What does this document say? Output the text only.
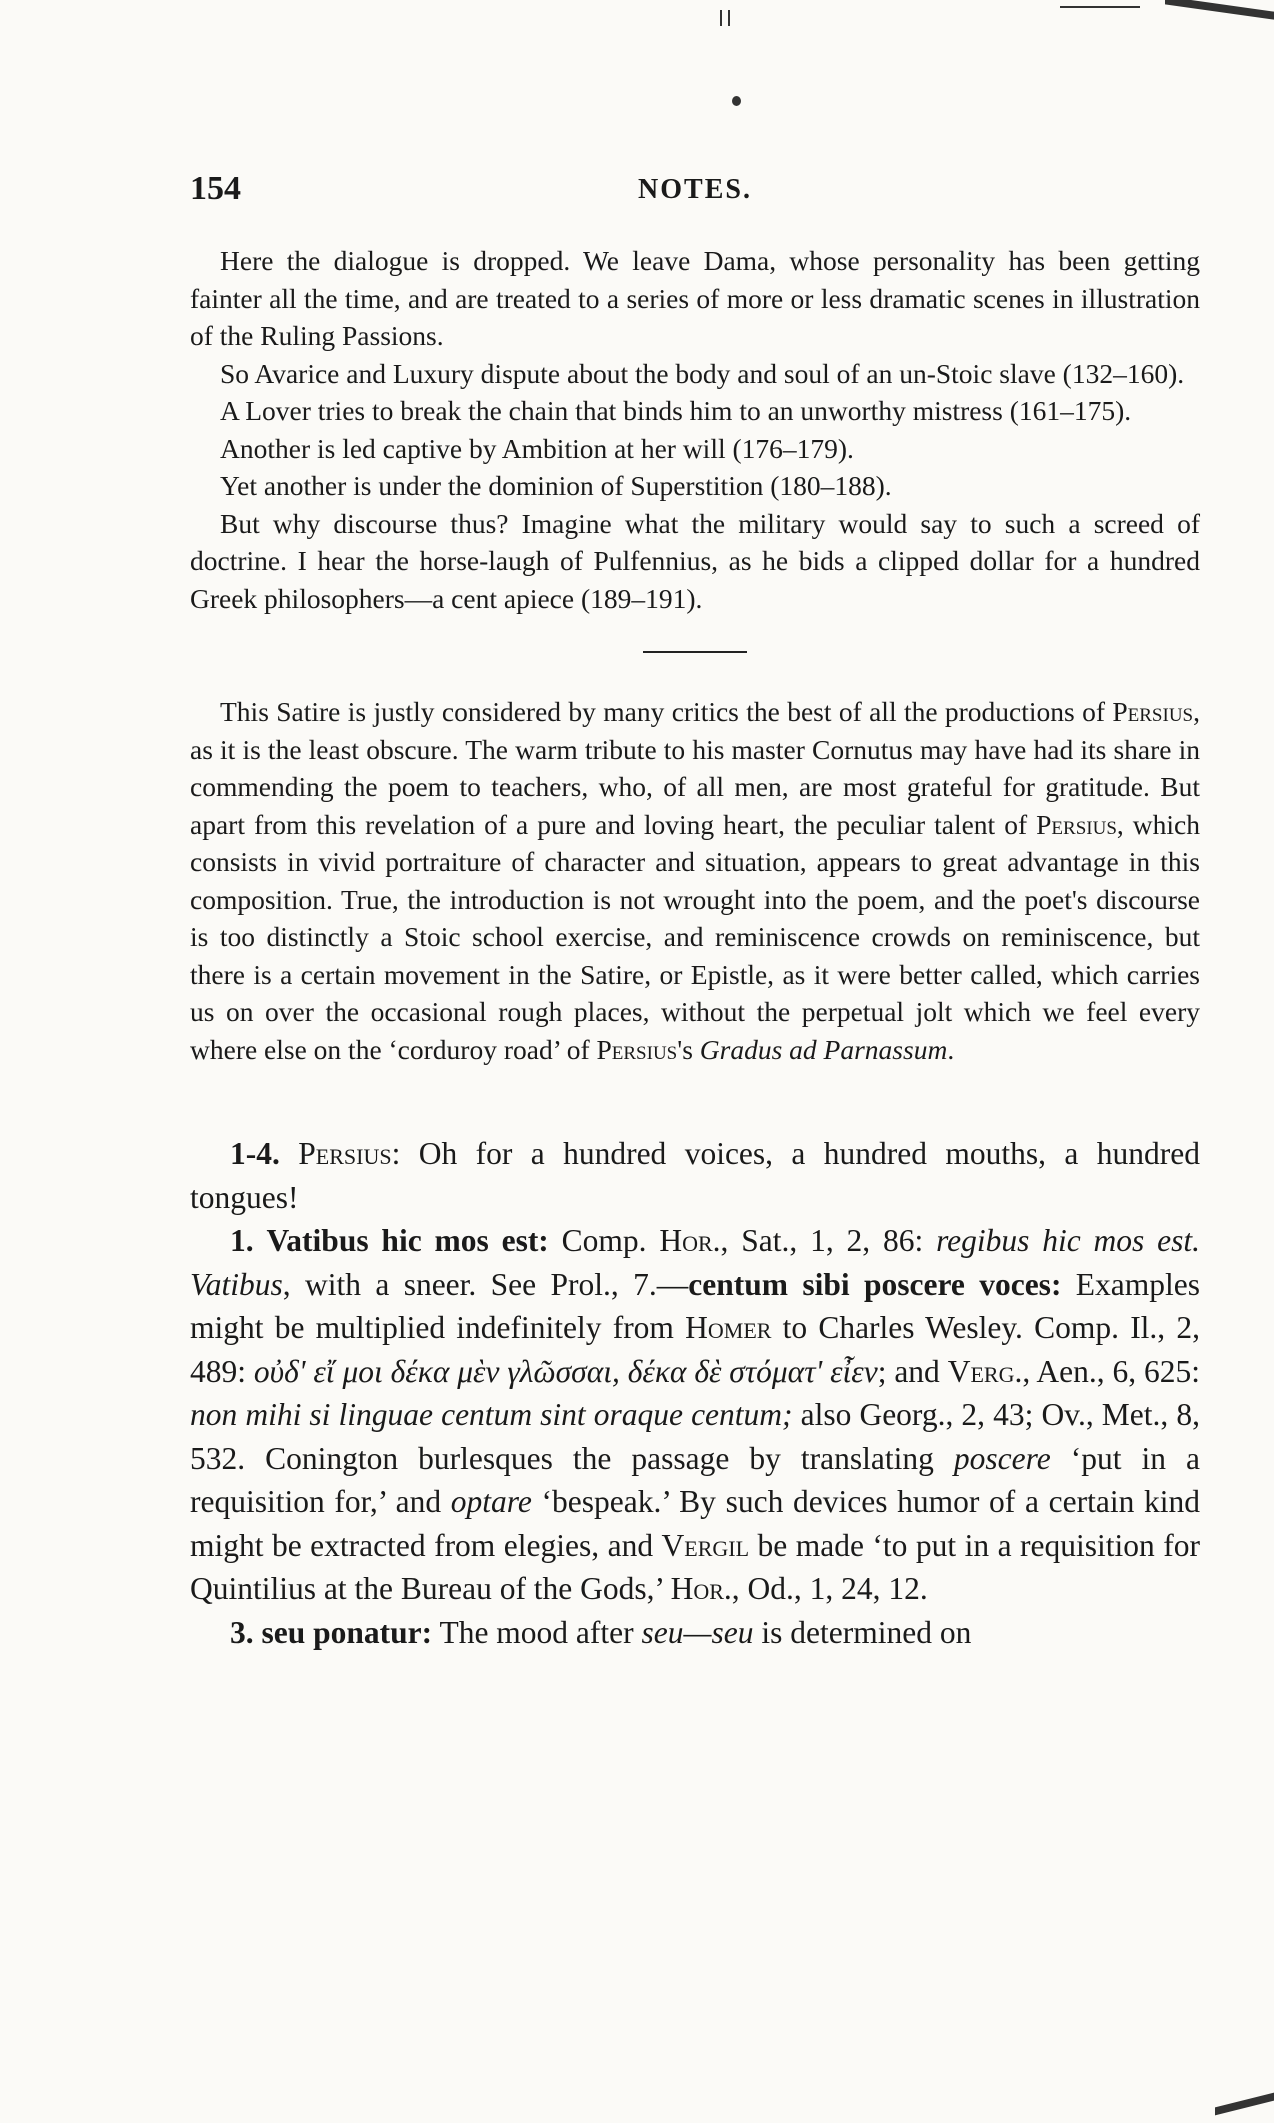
154	NOTES.

Here the dialogue is dropped. We leave Dama, whose personality has been getting fainter all the time, and are treated to a series of more or less dramatic scenes in illustration of the Ruling Passions.

So Avarice and Luxury dispute about the body and soul of an un-Stoic slave (132–160).

A Lover tries to break the chain that binds him to an unworthy mistress (161–175).

Another is led captive by Ambition at her will (176–179).

Yet another is under the dominion of Superstition (180–188).

But why discourse thus? Imagine what the military would say to such a screed of doctrine. I hear the horse-laugh of Pulfennius, as he bids a clipped dollar for a hundred Greek philosophers—a cent apiece (189–191).

This Satire is justly considered by many critics the best of all the productions of Persius, as it is the least obscure. The warm tribute to his master Cornutus may have had its share in commending the poem to teachers, who, of all men, are most grateful for gratitude. But apart from this revelation of a pure and loving heart, the peculiar talent of Persius, which consists in vivid portraiture of character and situation, appears to great advantage in this composition. True, the introduction is not wrought into the poem, and the poet's discourse is too distinctly a Stoic school exercise, and reminiscence crowds on reminiscence, but there is a certain movement in the Satire, or Epistle, as it were better called, which carries us on over the occasional rough places, without the perpetual jolt which we feel every where else on the ‘corduroy road’ of Persius's Gradus ad Parnassum.

1-4. Persius: Oh for a hundred voices, a hundred mouths, a hundred tongues!

1. Vatibus hic mos est: Comp. Hor., Sat., 1, 2, 86: regibus hic mos est. Vatibus, with a sneer. See Prol., 7.—centum sibi poscere voces: Examples might be multiplied indefinitely from Homer to Charles Wesley. Comp. Il., 2, 489: οὐδ' εἴ μοι δέκα μὲν γλῶσσαι, δέκα δὲ στόματ' εἶεν; and Verg., Aen., 6, 625: non mihi si linguae centum sint oraque centum; also Georg., 2, 43; Ov., Met., 8, 532. Conington burlesques the passage by translating poscere ‘put in a requisition for,’ and optare ‘bespeak.’ By such devices humor of a certain kind might be extracted from elegies, and Vergil be made ‘to put in a requisition for Quintilius at the Bureau of the Gods,’ Hor., Od., 1, 24, 12.

3. seu ponatur: The mood after seu—seu is determined on
